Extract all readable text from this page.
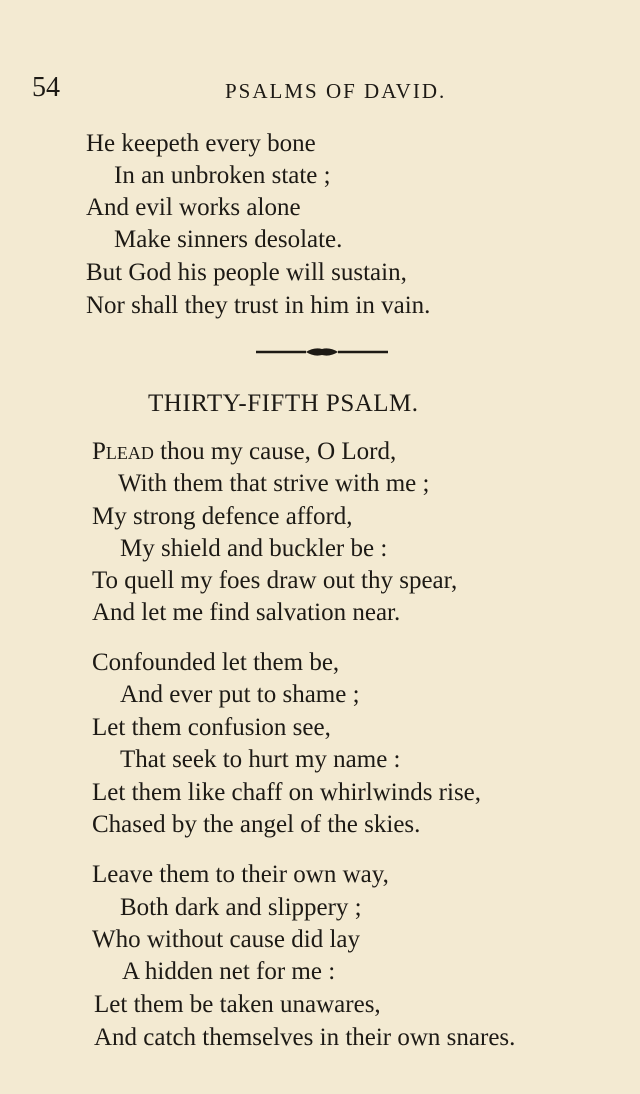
54	PSALMS OF DAVID.
He keepeth every bone
In an unbroken state ;
And evil works alone
Make sinners desolate.
But God his people will sustain,
Nor shall they trust in him in vain.
THIRTY-FIFTH PSALM.
Plead thou my cause, O Lord,
With them that strive with me ;
My strong defence afford,
My shield and buckler be :
To quell my foes draw out thy spear,
And let me find salvation near.
Confounded let them be,
And ever put to shame ;
Let them confusion see,
That seek to hurt my name :
Let them like chaff on whirlwinds rise,
Chased by the angel of the skies.
Leave them to their own way,
Both dark and slippery ;
Who without cause did lay
A hidden net for me :
Let them be taken unawares,
And catch themselves in their own snares.
